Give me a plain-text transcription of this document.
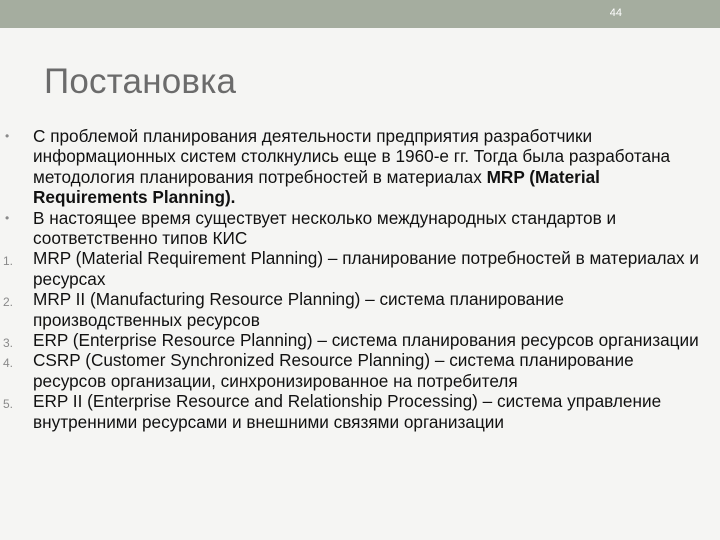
44
Постановка
• С проблемой планирования деятельности предприятия разработчики информационных систем столкнулись еще в 1960-е гг. Тогда была разработана методология планирования потребностей в материалах MRP (Material Requirements Planning).
• В настоящее время существует несколько международных стандартов и соответственно типов КИС
1. MRP (Material Requirement Planning) – планирование потребностей в материалах и ресурсах
2. MRP II (Manufacturing Resource Planning) – система планирование производственных ресурсов
3. ERP (Enterprise Resource Planning) – система планирования ресурсов организации
4. CSRP (Customer Synchronized Resource Planning) – система планирование ресурсов организации, синхронизированное на потребителя
5. ERP II (Enterprise Resource and Relationship Processing) – система управление внутренними ресурсами и внешними связями организации
